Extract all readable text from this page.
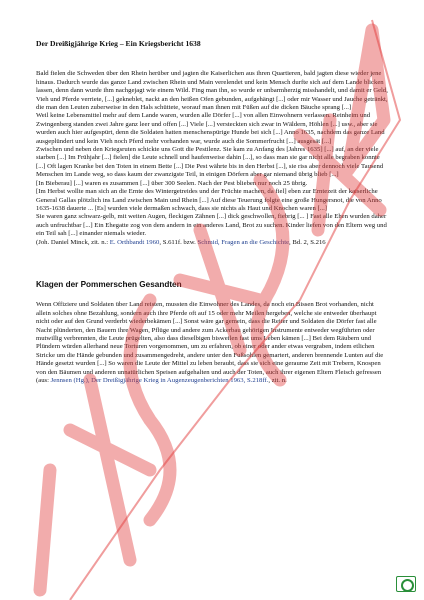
Der Dreißigjährige Krieg – Ein Kriegsbericht 1638

Bald fielen die Schweden über den Rhein herüber und jagten die Kaiserlichen aus ihren Quartieren, bald jagten diese wieder jene hinaus. Dadurch wurde das ganze Land zwischen Rhein und Main verelendet und kein Mensch durfte sich auf dem Lande blicken lassen, denn dann wurde ihm nachgejagt wie einem Wild. Fing man ihn, so wurde er unbarmherzig misshandelt, und damit er Geld, Vieh und Pferde verriete, [...] gekneblet, nackt an den heißen Ofen gebunden, aufgehängt [...] oder mir Wasser und Jauche getränkt, die man den Leuten zuberweise in den Hals schüttete, worauf man ihnen mit Füßen auf die dicken Bäuche sprang [...]

Weil keine Lebensmittel mehr auf dem Lande waren, wurden alle Dörfer [...] von allen Einwohnern verlassen. Reinheim und Zwingenberg standen zwei Jahre ganz leer und offen [...] Viele [...] versteckten sich zwar in Wäldern, Höhlen [...] usw., aber sie wurden auch hier aufgespürt, denn die Soldaten hatten menschenspürige Hunde bei sich [...] Anno 1635, nachdem das ganze Land ausgeplündert und kein Vieh noch Pferd mehr vorhanden war, wurde auch die Sommerfrucht [...] ausgesät [...]

Zwischen und neben den Kriegsruten schickte uns Gott die Pestilenz. Sie kam zu Anfang des [Jahres 1635] [...] auf, an der viele starben [...] Im Frühjahr [...] fielen] die Leute schnell und haufenweise dahin [...], so dass man sie gar nicht alle begraben konnte [...] Oft lagen Kranke bei den Toten in einem Bette [...] Die Pest währte bis in den Herbst [...], sie riss aber dennoch viele Tausend Menschen im Lande weg, so dass kaum der zwanzigste Teil, in einigen Dörfern aber gar niemand übrig blieb [...]

[In Bieberau] [...] waren es zusammen [...] über 300 Seelen. Nach der Pest blieben nur noch 25 übrig.

[Im Herbst wollte man sich an die Ernte des Wintergetreides und der Früchte machen, da fiel] eben zur Erntezeit der kaiserliche General Gallas plötzlich ins Land zwischen Main und Rhein [...] Auf diese Teuerung folgte eine große Hungersnot, die von Anno 1635-1638 dauerte ... [Es] wurden viele dermaßen schwach, dass sie nichts als Haut und Knochen waren [...]

Sie waren ganz schwarz-gelb, mit weiten Augen, fleckigen Zähnen [...] dick geschwollen, fiebrig [... ] Fast alle Ehen wurden daher auch unfruchtbar [...] Ein Ehegatte zog von dem andern in ein anderes Land, Brot zu suchen. Kinder liefen von den Eltern weg und ein Teil sah [...] einander niemals wieder.

(Joh. Daniel Minck, zit. n.: E. Orthbandt 1960, S.611f. bzw. Schmid, Fragen an die Geschichte, Bd. 2, S.216

Klagen der Pommerschen Gesandten

Wenn Offiziere und Soldaten über Land reisten, mussten die Einwohner des Landes, da noch ein Bissen Brot vorhanden, nicht allein solches ohne Bezahlung, sondern auch ihre Pferde oft auf 15 oder mehr Meilen hergeben, welche sie entweder überhaupt nicht oder auf den Grund verderbt wiederbekämen [...] Sonst wäre gar gemein, dass die Reiter und Soldaten die Dörfer fast alle Nacht plünderten, den Bauern ihre Wagen, Pflüge und andere zum Ackerbau gehörigen Instrumente entweder wegführten oder mutwillig verbrennten, die Leute prügelten, also dass dieselbigen bisweilen fast ums Leben kämen [...] Bei dem Räubern und Plündern würden allerhand neue Torturen vorgenommen, um zu erfahren, ob einer oder ander etwas vergraben, indem etlichen Stricke um die Hände gebunden und zusammengedreht, andere unter den Fußsohlen gemartert, anderen brennende Lunten auf die Hände gesetzt wurden [...] So waren die Leute der Mittel zu leben beraubt, dass sie sich eine geraume Zeit mit Trebern, Knospen von den Bäumen und anderen unnatürlichen Speisen aufgehalten und auch der Toten, auch ihrer eigenen Eltern Fleisch gefressen

(aus: Jennsen (Hg.), Der Dreißigjährige Krieg in Augenzeugenberichten 1963, S.218ff., zit. n.
